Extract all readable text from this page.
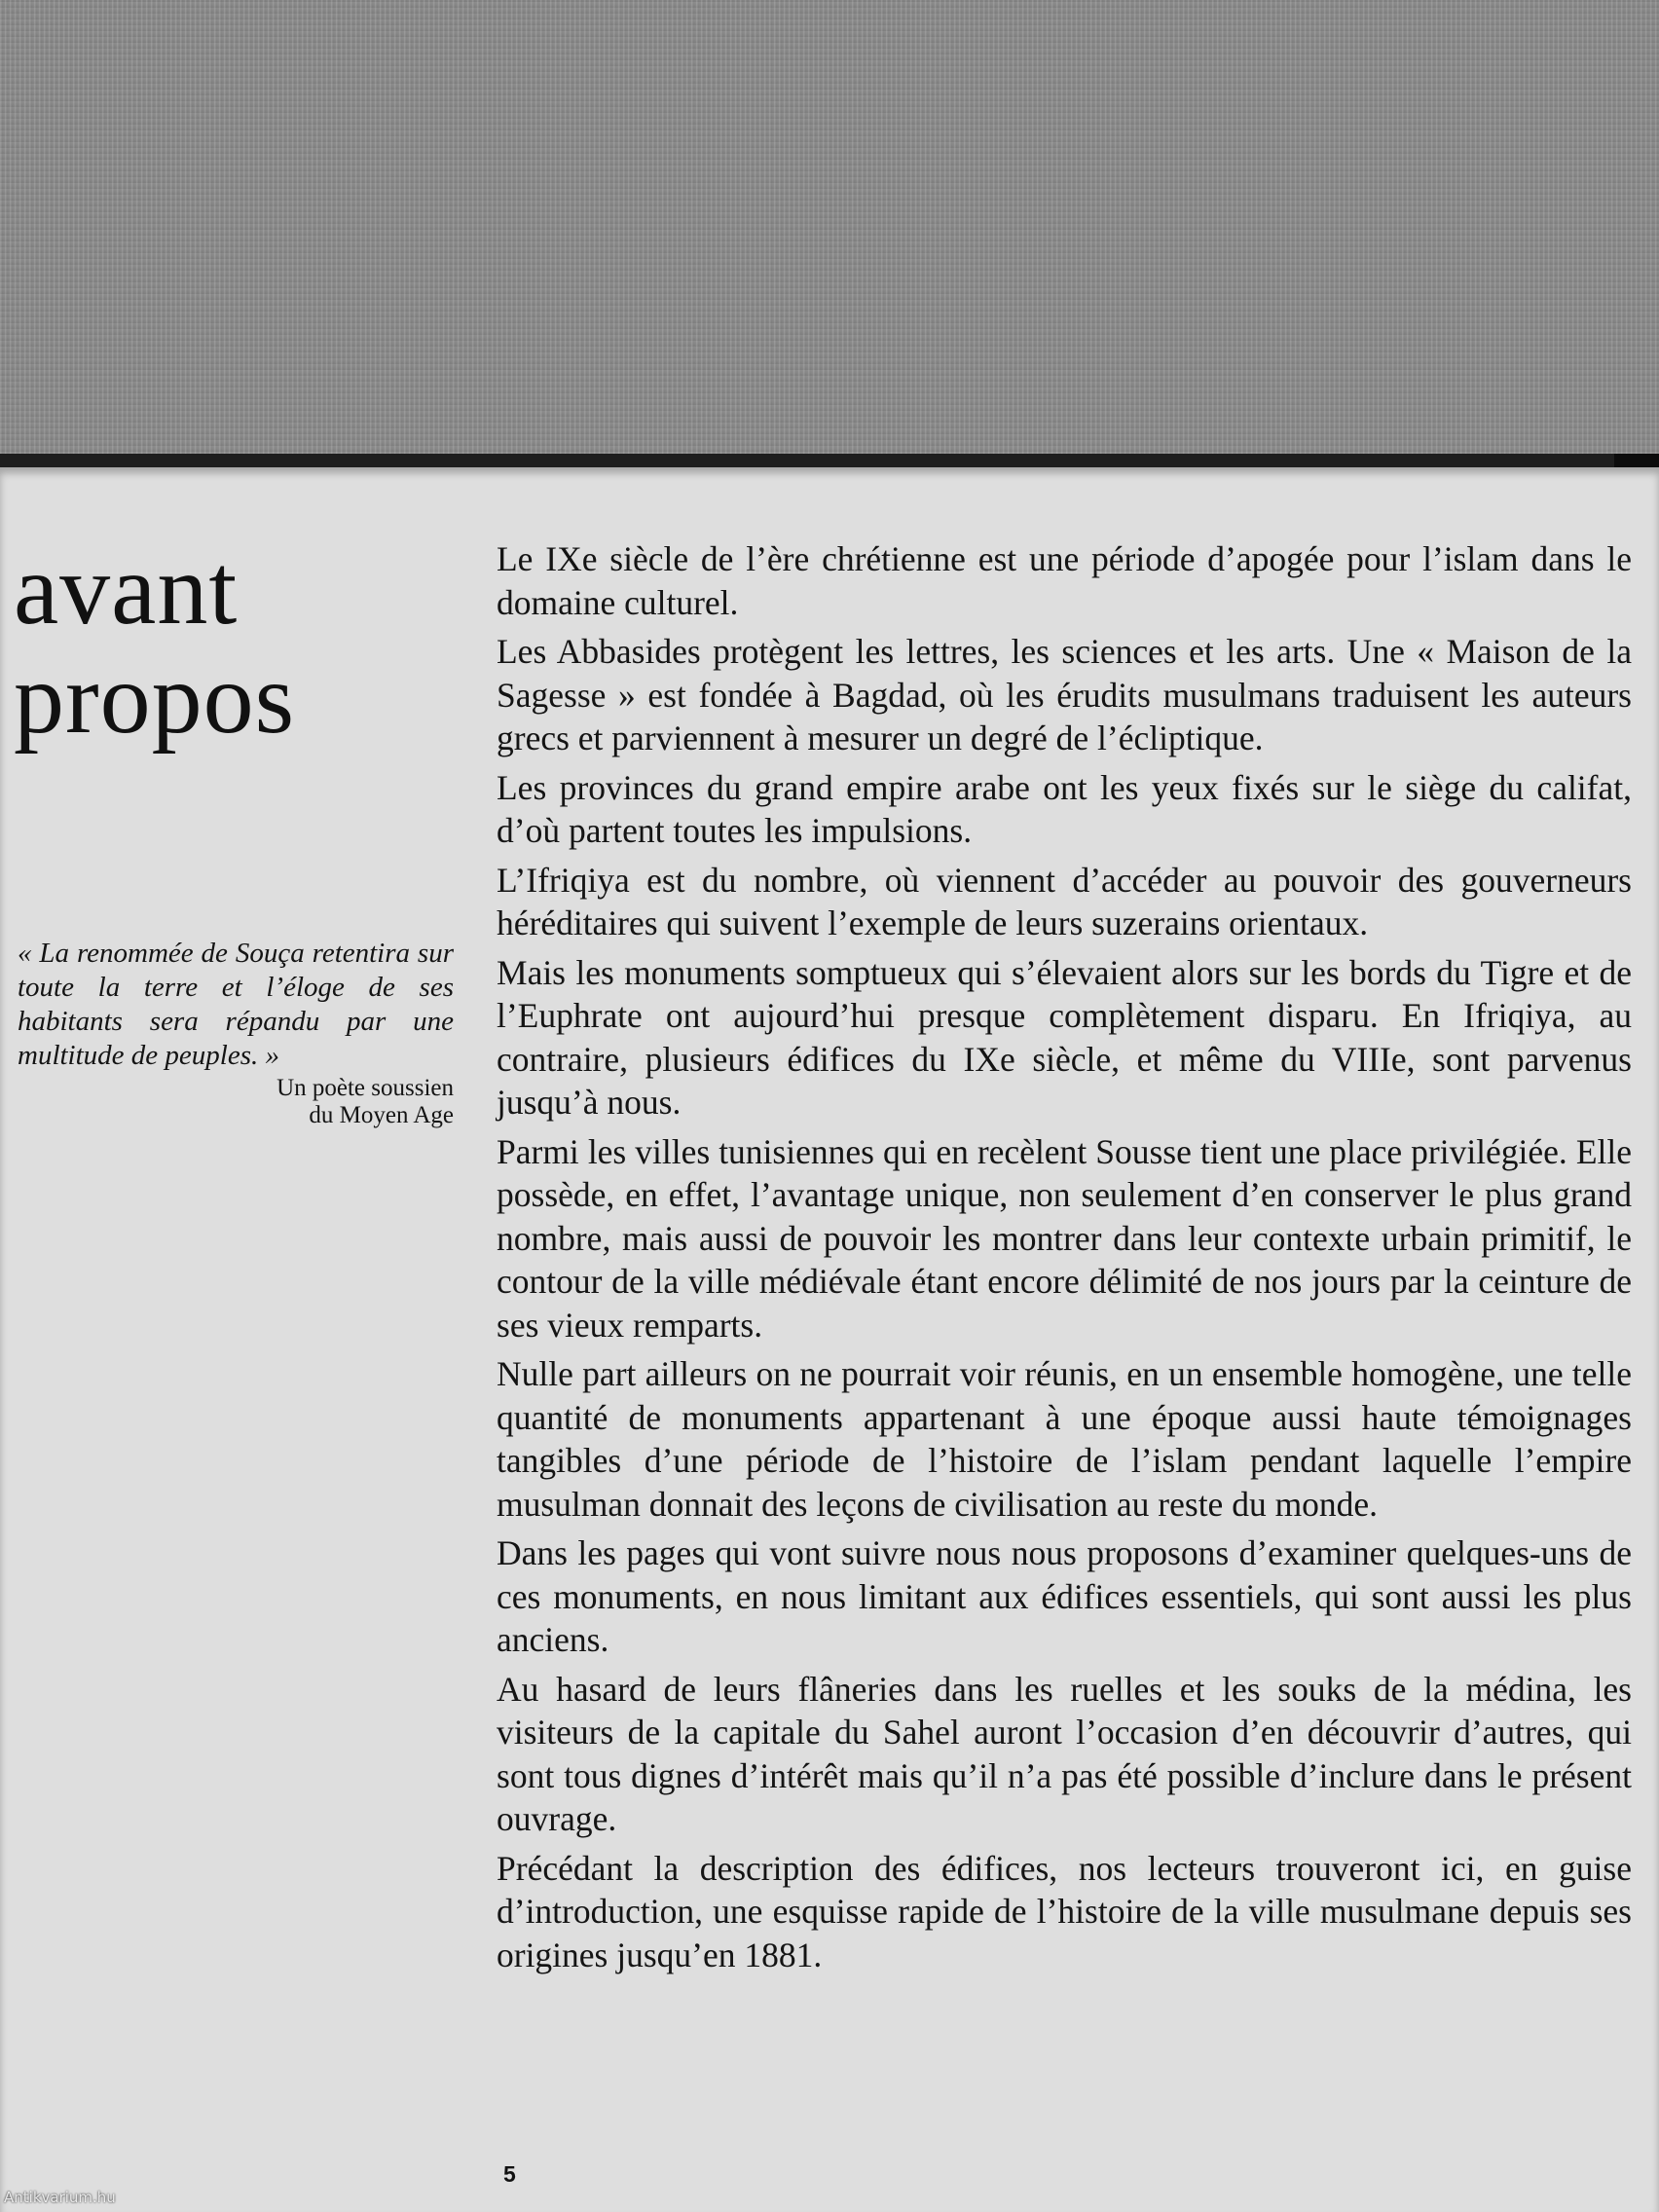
avant
propos

« La renommée de Souça retentira sur toute la terre et l’éloge de ses habitants sera répandu par une multitude de peuples. »

Un poète soussien
du Moyen Age

Le IXe siècle de l’ère chrétienne est une période d’apogée pour l’islam dans le domaine culturel.

Les Abbasides protègent les lettres, les sciences et les arts. Une « Maison de la Sagesse » est fondée à Bagdad, où les érudits musulmans traduisent les auteurs grecs et parviennent à mesurer un degré de l’écliptique.

Les provinces du grand empire arabe ont les yeux fixés sur le siège du califat, d’où partent toutes les impulsions.

L’Ifriqiya est du nombre, où viennent d’accéder au pouvoir des gouverneurs héréditaires qui suivent l’exemple de leurs suzerains orientaux.

Mais les monuments somptueux qui s’élevaient alors sur les bords du Tigre et de l’Euphrate ont aujourd’hui presque complètement disparu. En Ifriqiya, au contraire, plusieurs édifices du IXe siècle, et même du VIIIe, sont parvenus jusqu’à nous.

Parmi les villes tunisiennes qui en recèlent Sousse tient une place privilégiée. Elle possède, en effet, l’avantage unique, non seulement d’en conserver le plus grand nombre, mais aussi de pouvoir les montrer dans leur contexte urbain primitif, le contour de la ville médiévale étant encore délimité de nos jours par la ceinture de ses vieux remparts.

Nulle part ailleurs on ne pourrait voir réunis, en un ensemble homogène, une telle quantité de monuments appartenant à une époque aussi haute témoignages tangibles d’une période de l’histoire de l’islam pendant laquelle l’empire musulman donnait des leçons de civilisation au reste du monde.

Dans les pages qui vont suivre nous nous proposons d’examiner quelques-uns de ces monuments, en nous limitant aux édifices essentiels, qui sont aussi les plus anciens.

Au hasard de leurs flâneries dans les ruelles et les souks de la médina, les visiteurs de la capitale du Sahel auront l’occasion d’en découvrir d’autres, qui sont tous dignes d’intérêt mais qu’il n’a pas été possible d’inclure dans le présent ouvrage.

Précédant la description des édifices, nos lecteurs trouveront ici, en guise d’introduction, une esquisse rapide de l’histoire de la ville musulmane depuis ses origines jusqu’en 1881.

5
Antikvarium.hu
